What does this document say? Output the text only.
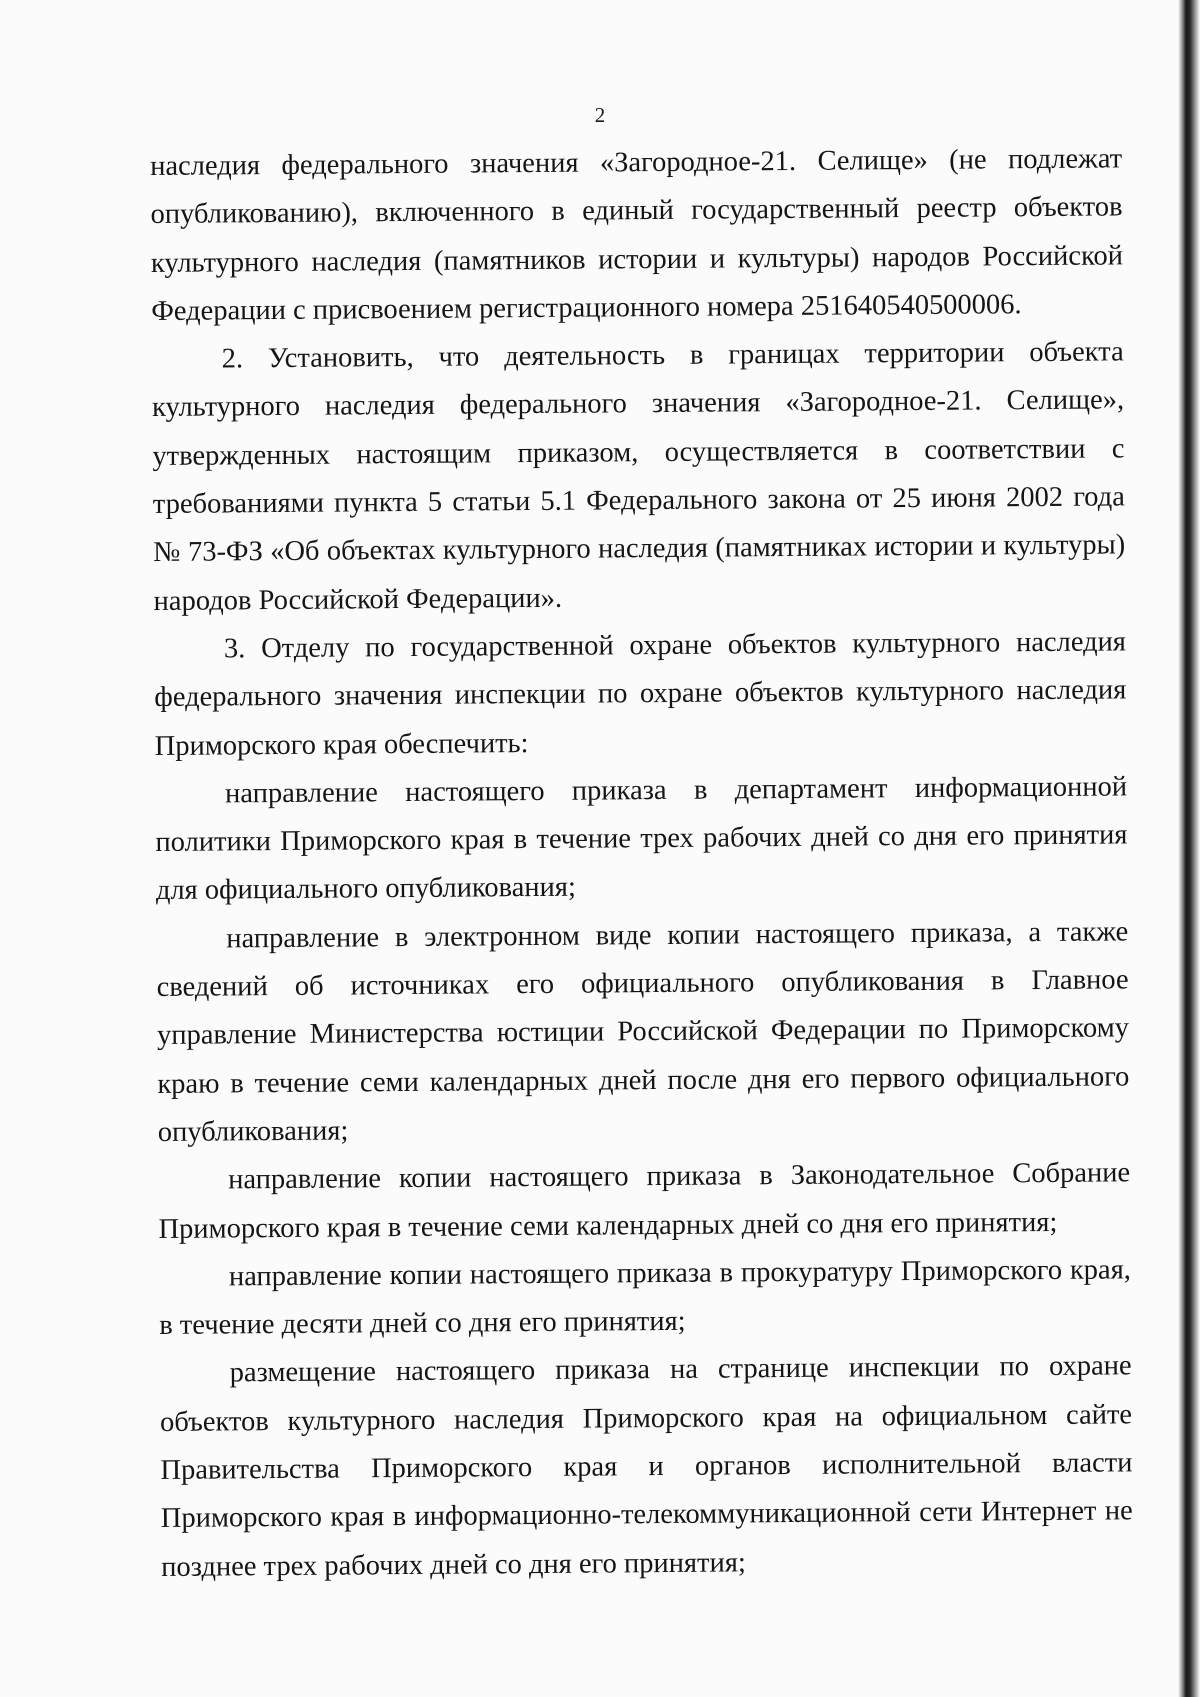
2

наследия федерального значения «Загородное-21. Селище» (не подлежат опубликованию), включенного в единый государственный реестр объектов культурного наследия (памятников истории и культуры) народов Российской Федерации с присвоением регистрационного номера 251640540500006.

2. Установить, что деятельность в границах территории объекта культурного наследия федерального значения «Загородное-21. Селище», утвержденных настоящим приказом, осуществляется в соответствии с требованиями пункта 5 статьи 5.1 Федерального закона от 25 июня 2002 года № 73-ФЗ «Об объектах культурного наследия (памятниках истории и культуры) народов Российской Федерации».

3. Отделу по государственной охране объектов культурного наследия федерального значения инспекции по охране объектов культурного наследия Приморского края обеспечить:

направление настоящего приказа в департамент информационной политики Приморского края в течение трех рабочих дней со дня его принятия для официального опубликования;

направление в электронном виде копии настоящего приказа, а также сведений об источниках его официального опубликования в Главное управление Министерства юстиции Российской Федерации по Приморскому краю в течение семи календарных дней после дня его первого официального опубликования;

направление копии настоящего приказа в Законодательное Собрание Приморского края в течение семи календарных дней со дня его принятия;

направление копии настоящего приказа в прокуратуру Приморского края, в течение десяти дней со дня его принятия;

размещение настоящего приказа на странице инспекции по охране объектов культурного наследия Приморского края на официальном сайте Правительства Приморского края и органов исполнительной власти Приморского края в информационно-телекоммуникационной сети Интернет не позднее трех рабочих дней со дня его принятия;
